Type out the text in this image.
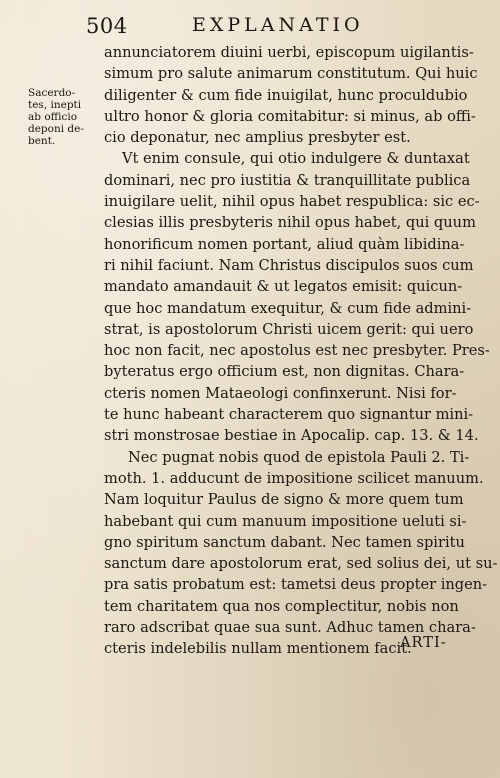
504	EXPLANATIO
Sacerdo-
tes, inepti
ab officio
deponi de-
bent.
annunciatorem diuini uerbi, episcopum uigilantis-
simum pro salute animarum constitutum. Qui huic
diligenter & cum fide inuigilat, hunc proculdubio
ultro honor & gloria comitabitur: si minus, ab offi-
cio deponatur, nec amplius presbyter est.
Vt enim consule, qui otio indulgere & duntaxat
dominari, nec pro iustitia & tranquillitate publica
inuigilare uelit, nihil opus habet respublica: sic ec-
clesias illis presbyteris nihil opus habet, qui quum
honorificum nomen portant, aliud quàm libidina-
ri nihil faciunt. Nam Christus discipulos suos cum
mandato amandauit & ut legatos emisit: quicun-
que hoc mandatum exequitur, & cum fide admini-
strat, is apostolorum Christi uicem gerit: qui uero
hoc non facit, nec apostolus est nec presbyter. Pres-
byteratus ergo officium est, non dignitas. Chara-
cteris nomen Mataeologi confinxerunt. Nisi for-
te hunc habeant characterem quo signantur mini-
stri monstrosae bestiae in Apocalip. cap. 13. & 14.
Nec pugnat nobis quod de epistola Pauli 2. Ti-
moth. 1. adducunt de impositione scilicet manuum.
Nam loquitur Paulus de signo & more quem tum
habebant qui cum manuum impositione ueluti si-
gno spiritum sanctum dabant. Nec tamen spiritu
sanctum dare apostolorum erat, sed solius dei, ut su-
pra satis probatum est: tametsi deus propter ingen-
tem charitatem qua nos complectitur, nobis non
raro adscribat quae sua sunt. Adhuc tamen chara-
cteris indelebilis nullam mentionem facit.
ARTI-
